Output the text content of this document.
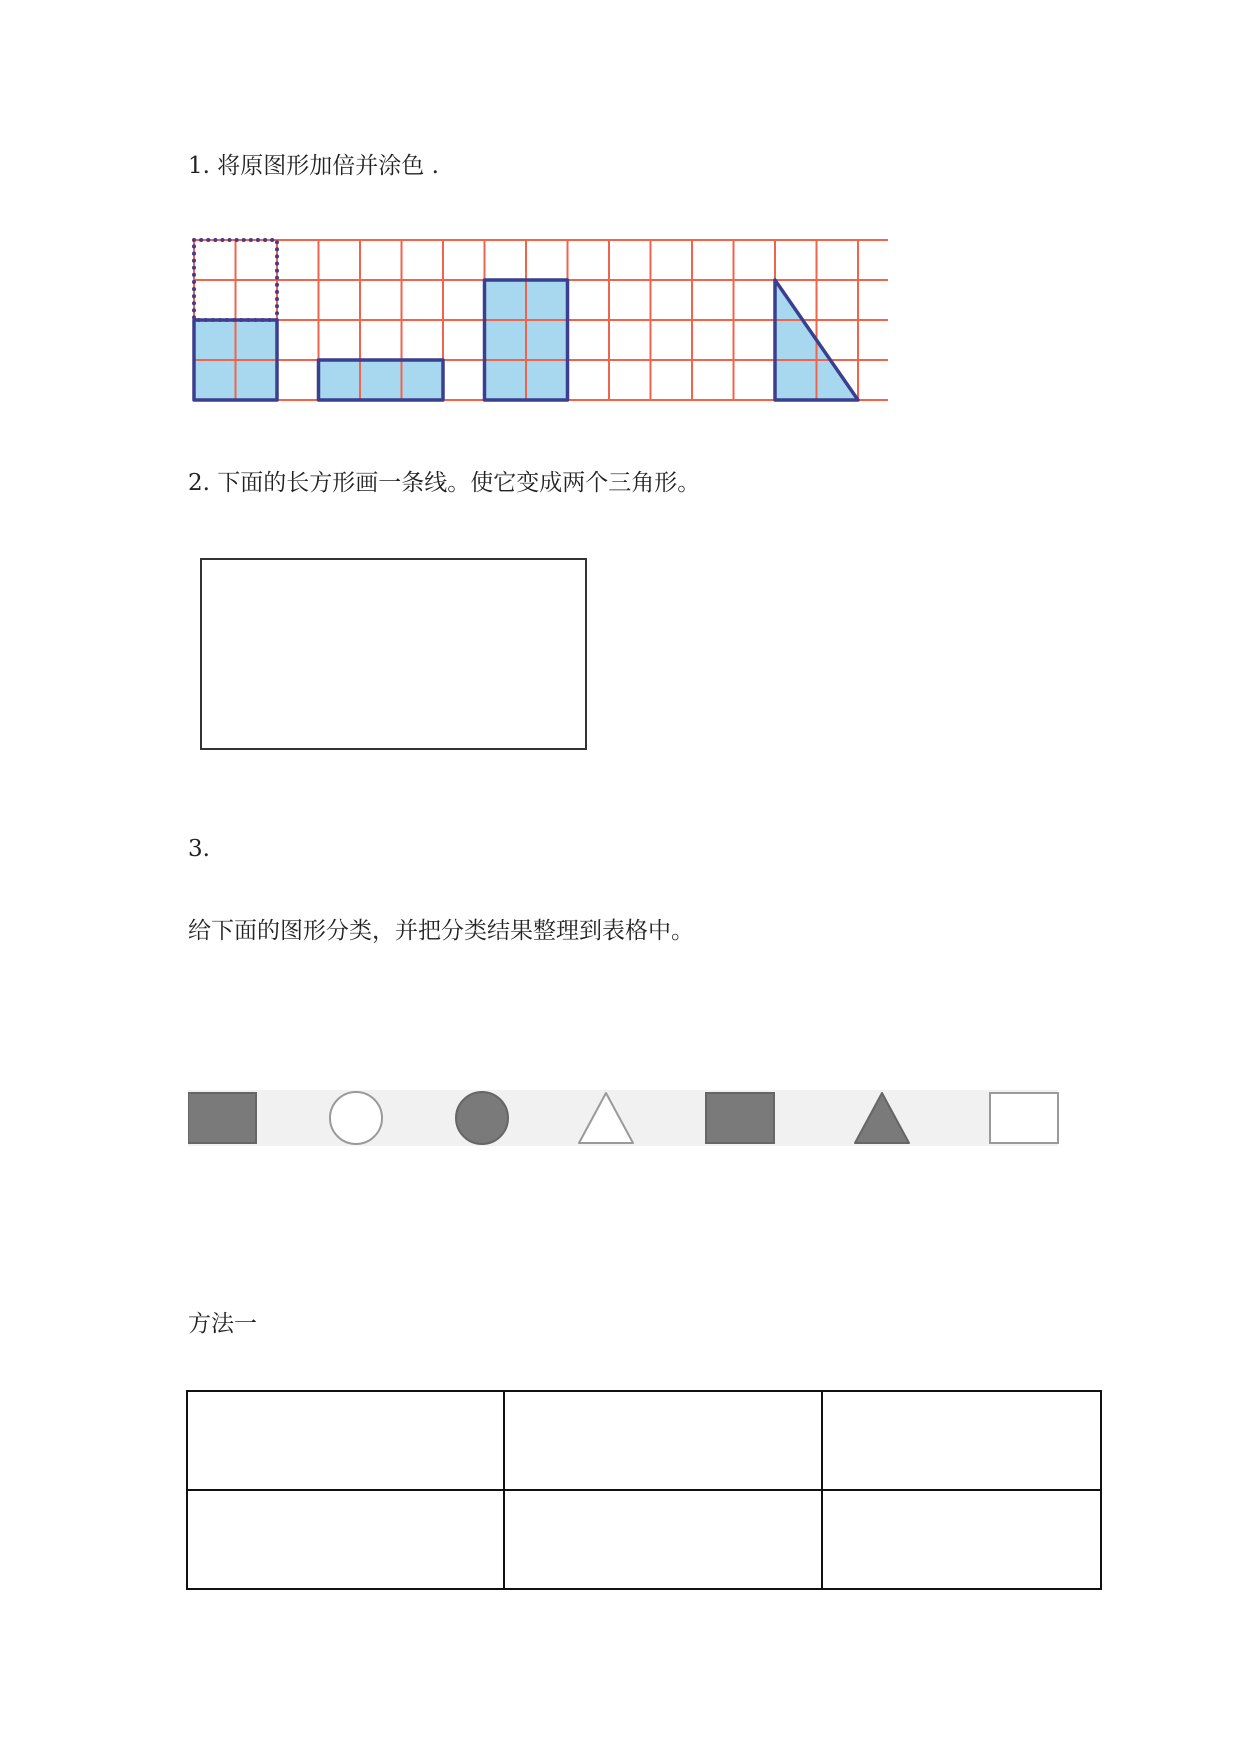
1. 将原图形加倍并涂色 .
2. 下面的长方形画一条线。使它变成两个三角形。
3.
给下面的图形分类，并把分类结果整理到表格中。
方法一
